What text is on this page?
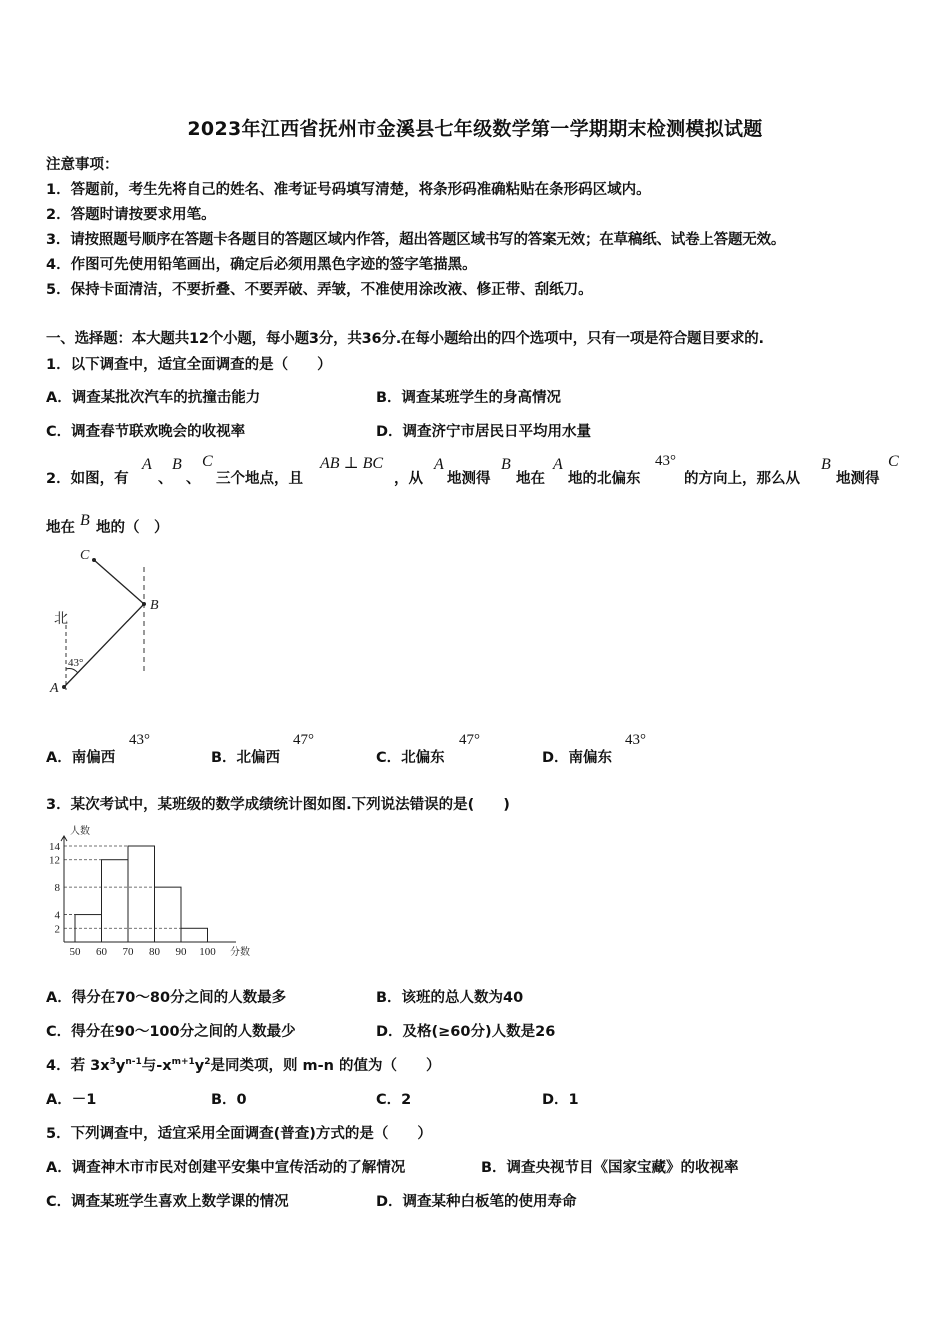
2023年江西省抚州市金溪县七年级数学第一学期期末检测模拟试题
注意事项：
1．答题前，考生先将自己的姓名、准考证号码填写清楚，将条形码准确粘贴在条形码区域内。
2．答题时请按要求用笔。
3．请按照题号顺序在答题卡各题目的答题区域内作答，超出答题区域书写的答案无效；在草稿纸、试卷上答题无效。
4．作图可先使用铅笔画出，确定后必须用黑色字迹的签字笔描黑。
5．保持卡面清洁，不要折叠、不要弄破、弄皱，不准使用涂改液、修正带、刮纸刀。
一、选择题：本大题共12个小题，每小题3分，共36分.在每小题给出的四个选项中，只有一项是符合题目要求的.
1．以下调查中，适宜全面调查的是（　　）
A．调查某批次汽车的抗撞击能力	B．调查某班学生的身高情况
C．调查春节联欢晚会的收视率	D．调查济宁市居民日平均用水量
2．如图，有
A
、
B
、
C
三个地点，且
AB ⊥ BC
，从
A
地测得
B
地在
A
地的北偏东
43°
的方向上，那么从
B
地测得
C
地在 B 地的（　）
北
43°
C
B
A
A．南偏西
43°
B．北偏西
47°
C．北偏东
47°
D．南偏东
43°
3．某次考试中，某班级的数学成绩统计图如图.下列说法错误的是(　　)
2
4
8
12
14
50 60 70 80 90 100
人数
分数
A．得分在70～80分之间的人数最多	B．该班的总人数为40
C．得分在90～100分之间的人数最少	D．及格(≥60分)人数是26
4．若 $3x^3y^{n-1}$与$-x^{m+1}y^2$是同类项，则 m-n 的值为（　　）
A．－1	B．0	C．2	D．1
5．下列调查中，适宜采用全面调查(普查)方式的是（　　）
A．调查神木市市民对创建平安集中宣传活动的了解情况	B．调查央视节目《国家宝藏》的收视率
C．调查某班学生喜欢上数学课的情况	D．调查某种白板笔的使用寿命
